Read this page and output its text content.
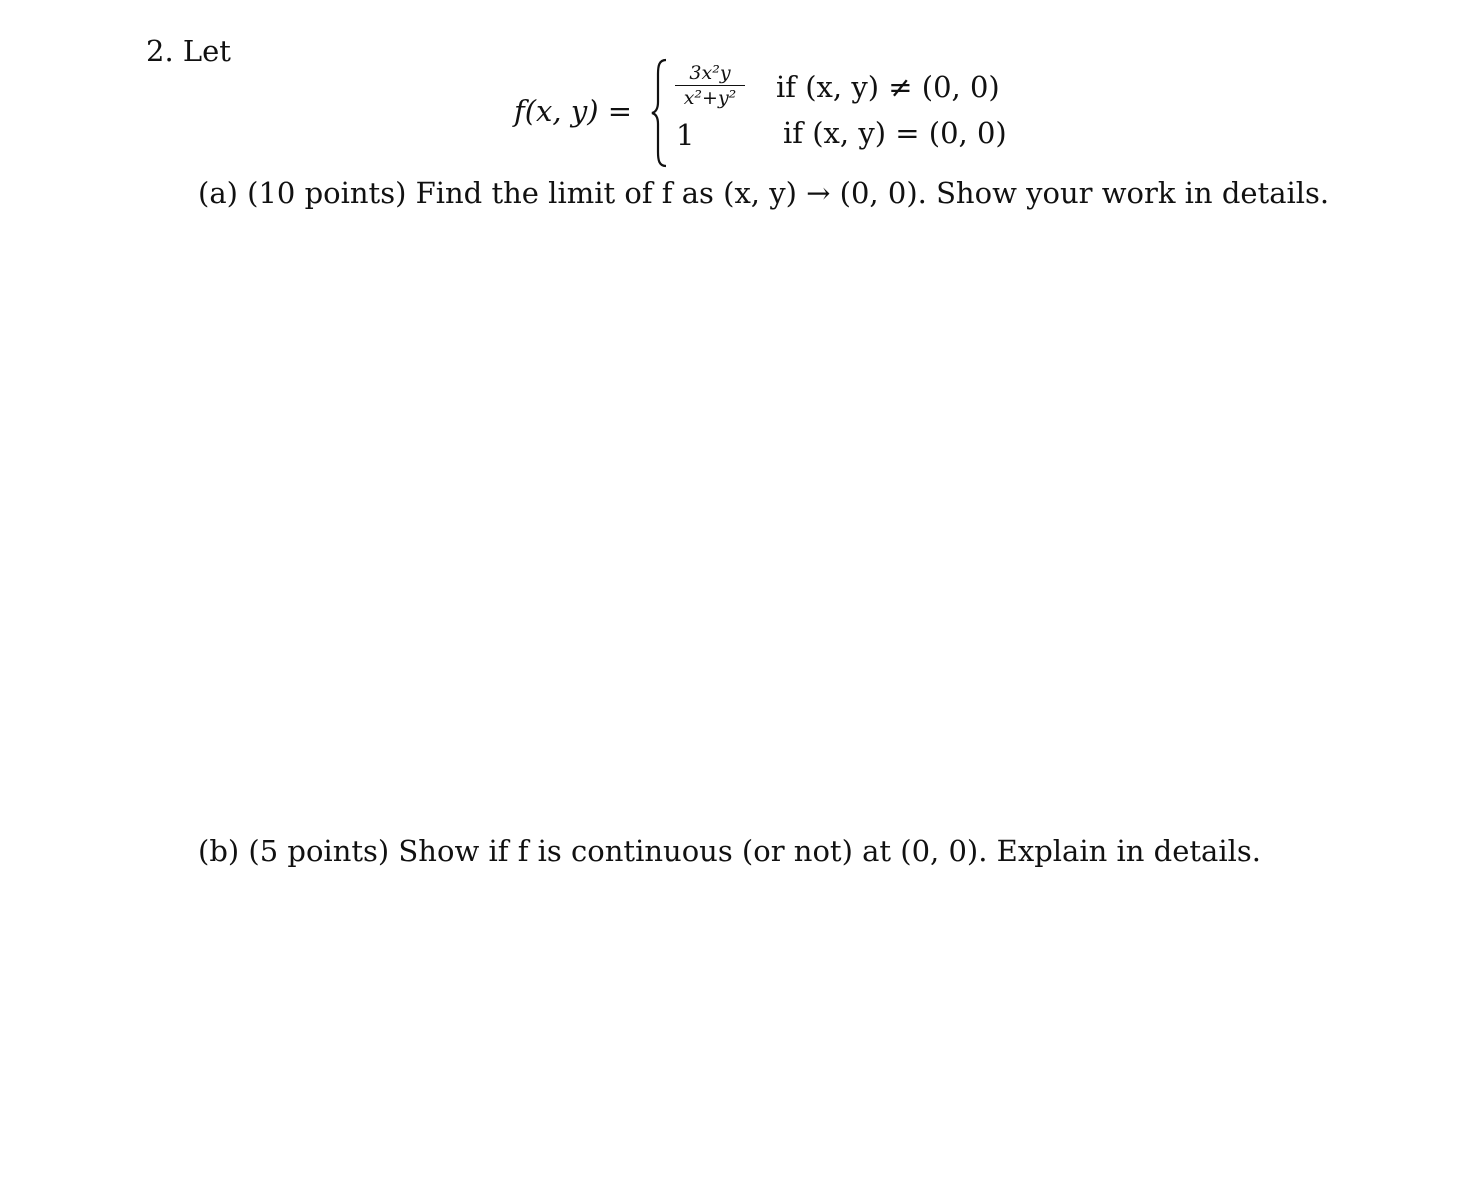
2. Let
f(x, y) =
3x²y
x²+y²
1
if (x, y) ≠ (0, 0)
if (x, y) = (0, 0)
(a) (10 points) Find the limit of f as (x, y) → (0, 0). Show your work in details.
(b) (5 points) Show if f is continuous (or not) at (0, 0). Explain in details.
